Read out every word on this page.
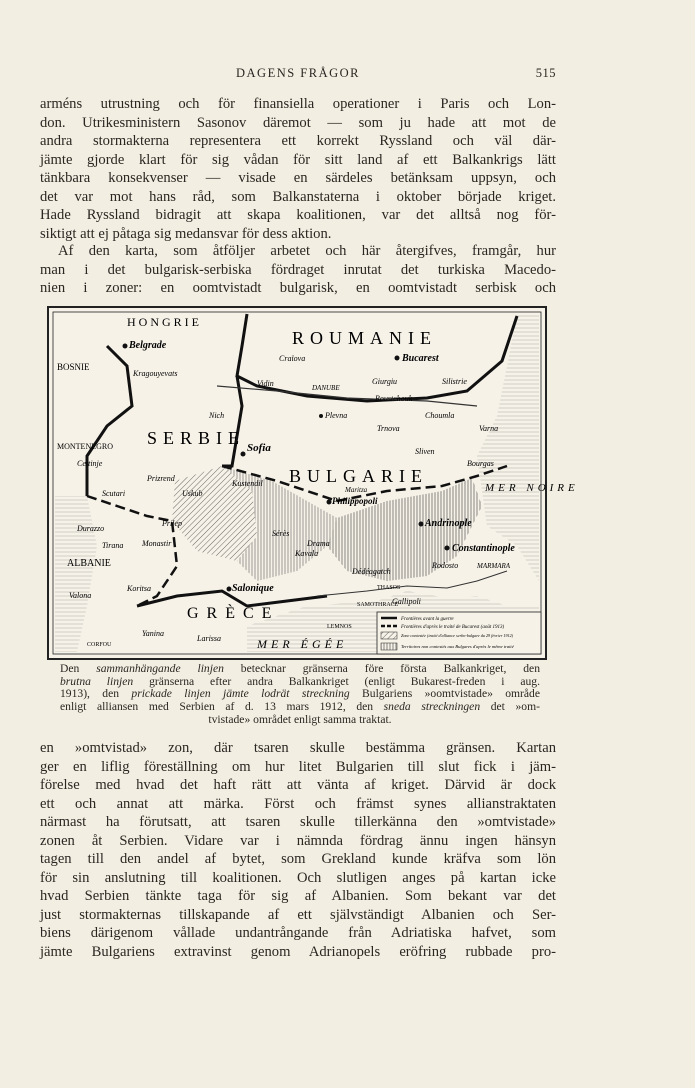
DAGENS FRÅGOR	515

arméns utrustning och för finansiella operationer i Paris och Lon-
don. Utrikesministern Sasonov däremot — som ju hade att mot de
andra stormakterna representera ett korrekt Ryssland och väl där-
jämte gjorde klart för sig vådan för sitt land af ett Balkankrigs lätt
tänkbara konsekvenser — visade en särdeles betänksam uppsyn, och
det var mot hans råd, som Balkanstaterna i oktober började kriget.
Hade Ryssland bidragit att skapa koalitionen, var det alltså nog för-
siktigt att ej påtaga sig medansvar för dess aktion.

Af den karta, som åtföljer arbetet och här återgifves, framgår, hur
man i det bulgarisk-serbiska fördraget inrutat det turkiska Macedo-
nien i zoner: en oomtvistadt bulgarisk, en oomtvistadt serbisk och

HONGRIE
ROUMANIE
SERBIE
BULGARIE
GRÈCE
ALBANIE
BOSNIE
MONTENEGRO
MER NOIRE
MER ÉGÉE
MARMARA
THASOS
SAMOTHRACE
LEMNOS
CORFOU
DANUBE
Maritza
Belgrade
Kragouyevats
Bucarest
Craïova
Giurgiu	Silistrie
Roustchouk
Plevna	Choumla
Trnova
Sliven
Varna
Sofia
Nich
Vidin
Bourgas
Andrinople
Philippopoli
Constantinople
Rodosto
Salonique
Uskub
Prilep
Monastir
Kavala
Dédéagatch
Gallipoli
Larissa
Yanina
Valona
Durazzo
Tirana
Scutari
Cettinje
Prizrend
Kustendil
Koritsa
Sérès
Drama
Frontières avant la guerre
Frontières d'après le traité de Bucarest (août 1913)
Zone contestée (traité d'alliance serbo-bulgare du 29 février 1912)
Territoires non contestés aux Bulgares d'après le même traité
Den sammanhängande linjen betecknar gränserna före första Balkankriget, den
brutna linjen gränserna efter andra Balkankriget (enligt Bukarest-freden i aug.
1913), den prickade linjen jämte lodrät streckning Bulgariens »oomtvistade» område
enligt alliansen med Serbien af d. 13 mars 1912, den sneda streckningen det »om-
tvistade» området enligt samma traktat.

en »omtvistad» zon, där tsaren skulle bestämma gränsen. Kartan
ger en liflig föreställning om hur litet Bulgarien till slut fick i jäm-
förelse med hvad det haft rätt att vänta af kriget. Därvid är dock
ett och annat att märka. Först och främst synes allianstraktaten
närmast ha förutsatt, att tsaren skulle tillerkänna den »omtvistade»
zonen åt Serbien. Vidare var i nämnda fördrag ännu ingen hänsyn
tagen till den andel af bytet, som Grekland kunde kräfva som lön
för sin anslutning till koalitionen. Och slutligen anges på kartan icke
hvad Serbien tänkte taga för sig af Albanien. Som bekant var det
just stormakternas tillskapande af ett självständigt Albanien och Ser-
biens därigenom vållade undantrångande från Adriatiska hafvet, som
jämte Bulgariens extravinst genom Adrianopels eröfring rubbade pro-
